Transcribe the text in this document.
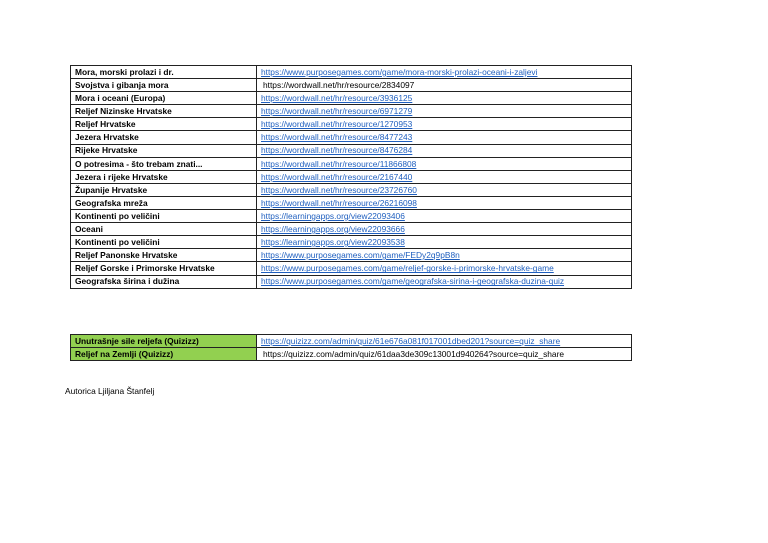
Mora, morski prolazi i dr.	https://www.purposegames.com/game/mora-morski-prolazi-oceani-i-zaljevi
Svojstva i gibanja mora	https://wordwall.net/hr/resource/2834097
Mora i oceani (Europa)	https://wordwall.net/hr/resource/3936125
Reljef Nizinske Hrvatske	https://wordwall.net/hr/resource/6971279
Reljef Hrvatske	https://wordwall.net/hr/resource/1270953
Jezera Hrvatske	https://wordwall.net/hr/resource/8477243
Rijeke Hrvatske	https://wordwall.net/hr/resource/8476284
O potresima - što trebam znati...	https://wordwall.net/hr/resource/11866808
Jezera i rijeke Hrvatske	https://wordwall.net/hr/resource/2167440
Županije Hrvatske	https://wordwall.net/hr/resource/23726760
Geografska mreža	https://wordwall.net/hr/resource/26216098
Kontinenti po veličini	https://learningapps.org/view22093406
Oceani	https://learningapps.org/view22093666
Kontinenti po veličini	https://learningapps.org/view22093538
Reljef Panonske Hrvatske	https://www.purposegames.com/game/FEDy2q9pB8n
Reljef Gorske i Primorske Hrvatske	https://www.purposegames.com/game/reljef-gorske-i-primorske-hrvatske-game
Geografska širina i dužina	https://www.purposegames.com/game/geografska-sirina-i-geografska-duzina-quiz
Unutrašnje sile reljefa (Quizizz)	https://quizizz.com/admin/quiz/61e676a081f017001dbed201?source=quiz_share
Reljef na Zemlji (Quizizz)	https://quizizz.com/admin/quiz/61daa3de309c13001d940264?source=quiz_share
Autorica Ljiljana Štanfelj
